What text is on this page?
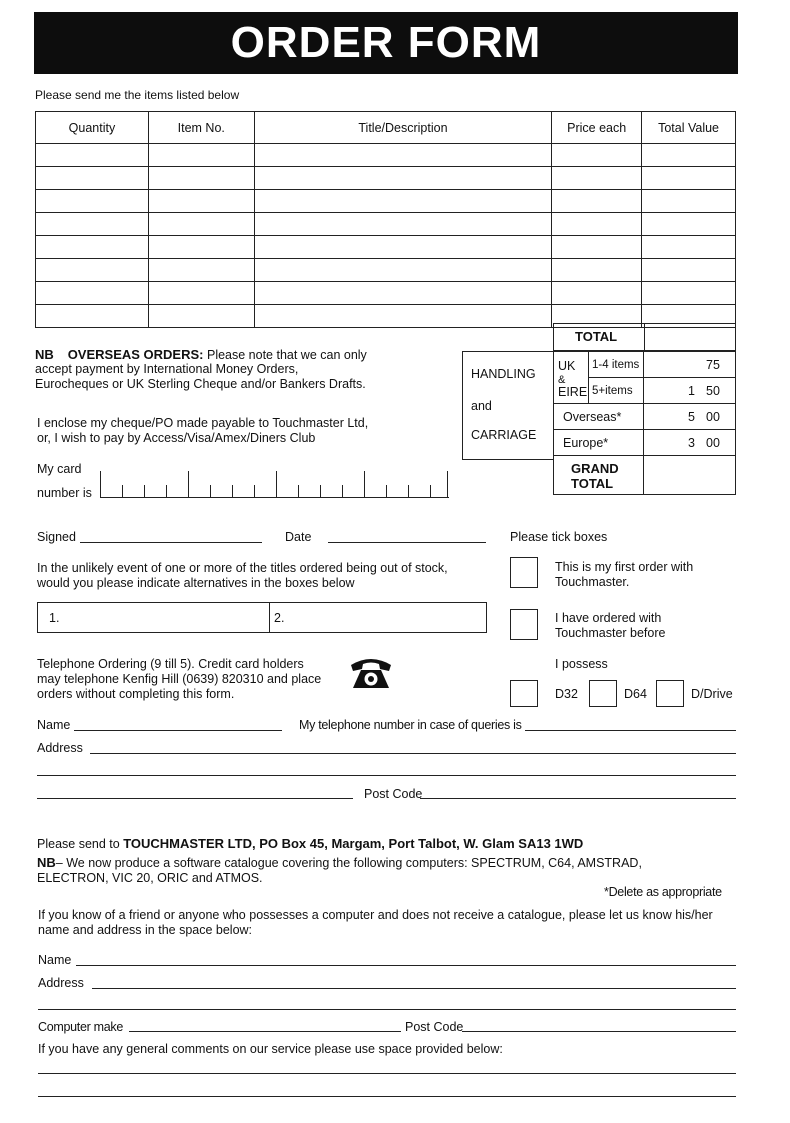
ORDER FORM
Please send me the items listed below
Quantity	Item No.	Title/Description	Price each	Total Value

TOTAL
HANDLING
and
CARRIAGE
UK
&
EIRE
1-4 items	75
5+items	1 50
Overseas*	5 00
Europe*	3 00
GRAND
TOTAL
NB OVERSEAS ORDERS: Please note that we can only
accept payment by International Money Orders,
Eurocheques or UK Sterling Cheque and/or Bankers Drafts.
I enclose my cheque/PO made payable to Touchmaster Ltd,
or, I wish to pay by Access/Visa/Amex/Diners Club
My card
number is
Signed	Date	Please tick boxes
In the unlikely event of one or more of the titles ordered being out of stock,
would you please indicate alternatives in the boxes below
1.	2.
This is my first order with
Touchmaster.
I have ordered with
Touchmaster before
I possess
D32	D64	D/Drive
Telephone Ordering (9 till 5). Credit card holders
may telephone Kenfig Hill (0639) 820310 and place
orders without completing this form.
Name	My telephone number in case of queries is
Address
Post Code
Please send to TOUCHMASTER LTD, PO Box 45, Margam, Port Talbot, W. Glam SA13 1WD
NB– We now produce a software catalogue covering the following computers: SPECTRUM, C64, AMSTRAD,
ELECTRON, VIC 20, ORIC and ATMOS.
*Delete as appropriate
If you know of a friend or anyone who possesses a computer and does not receive a catalogue, please let us know his/her
name and address in the space below:
Name
Address
Computer make	Post Code
If you have any general comments on our service please use space provided below:
